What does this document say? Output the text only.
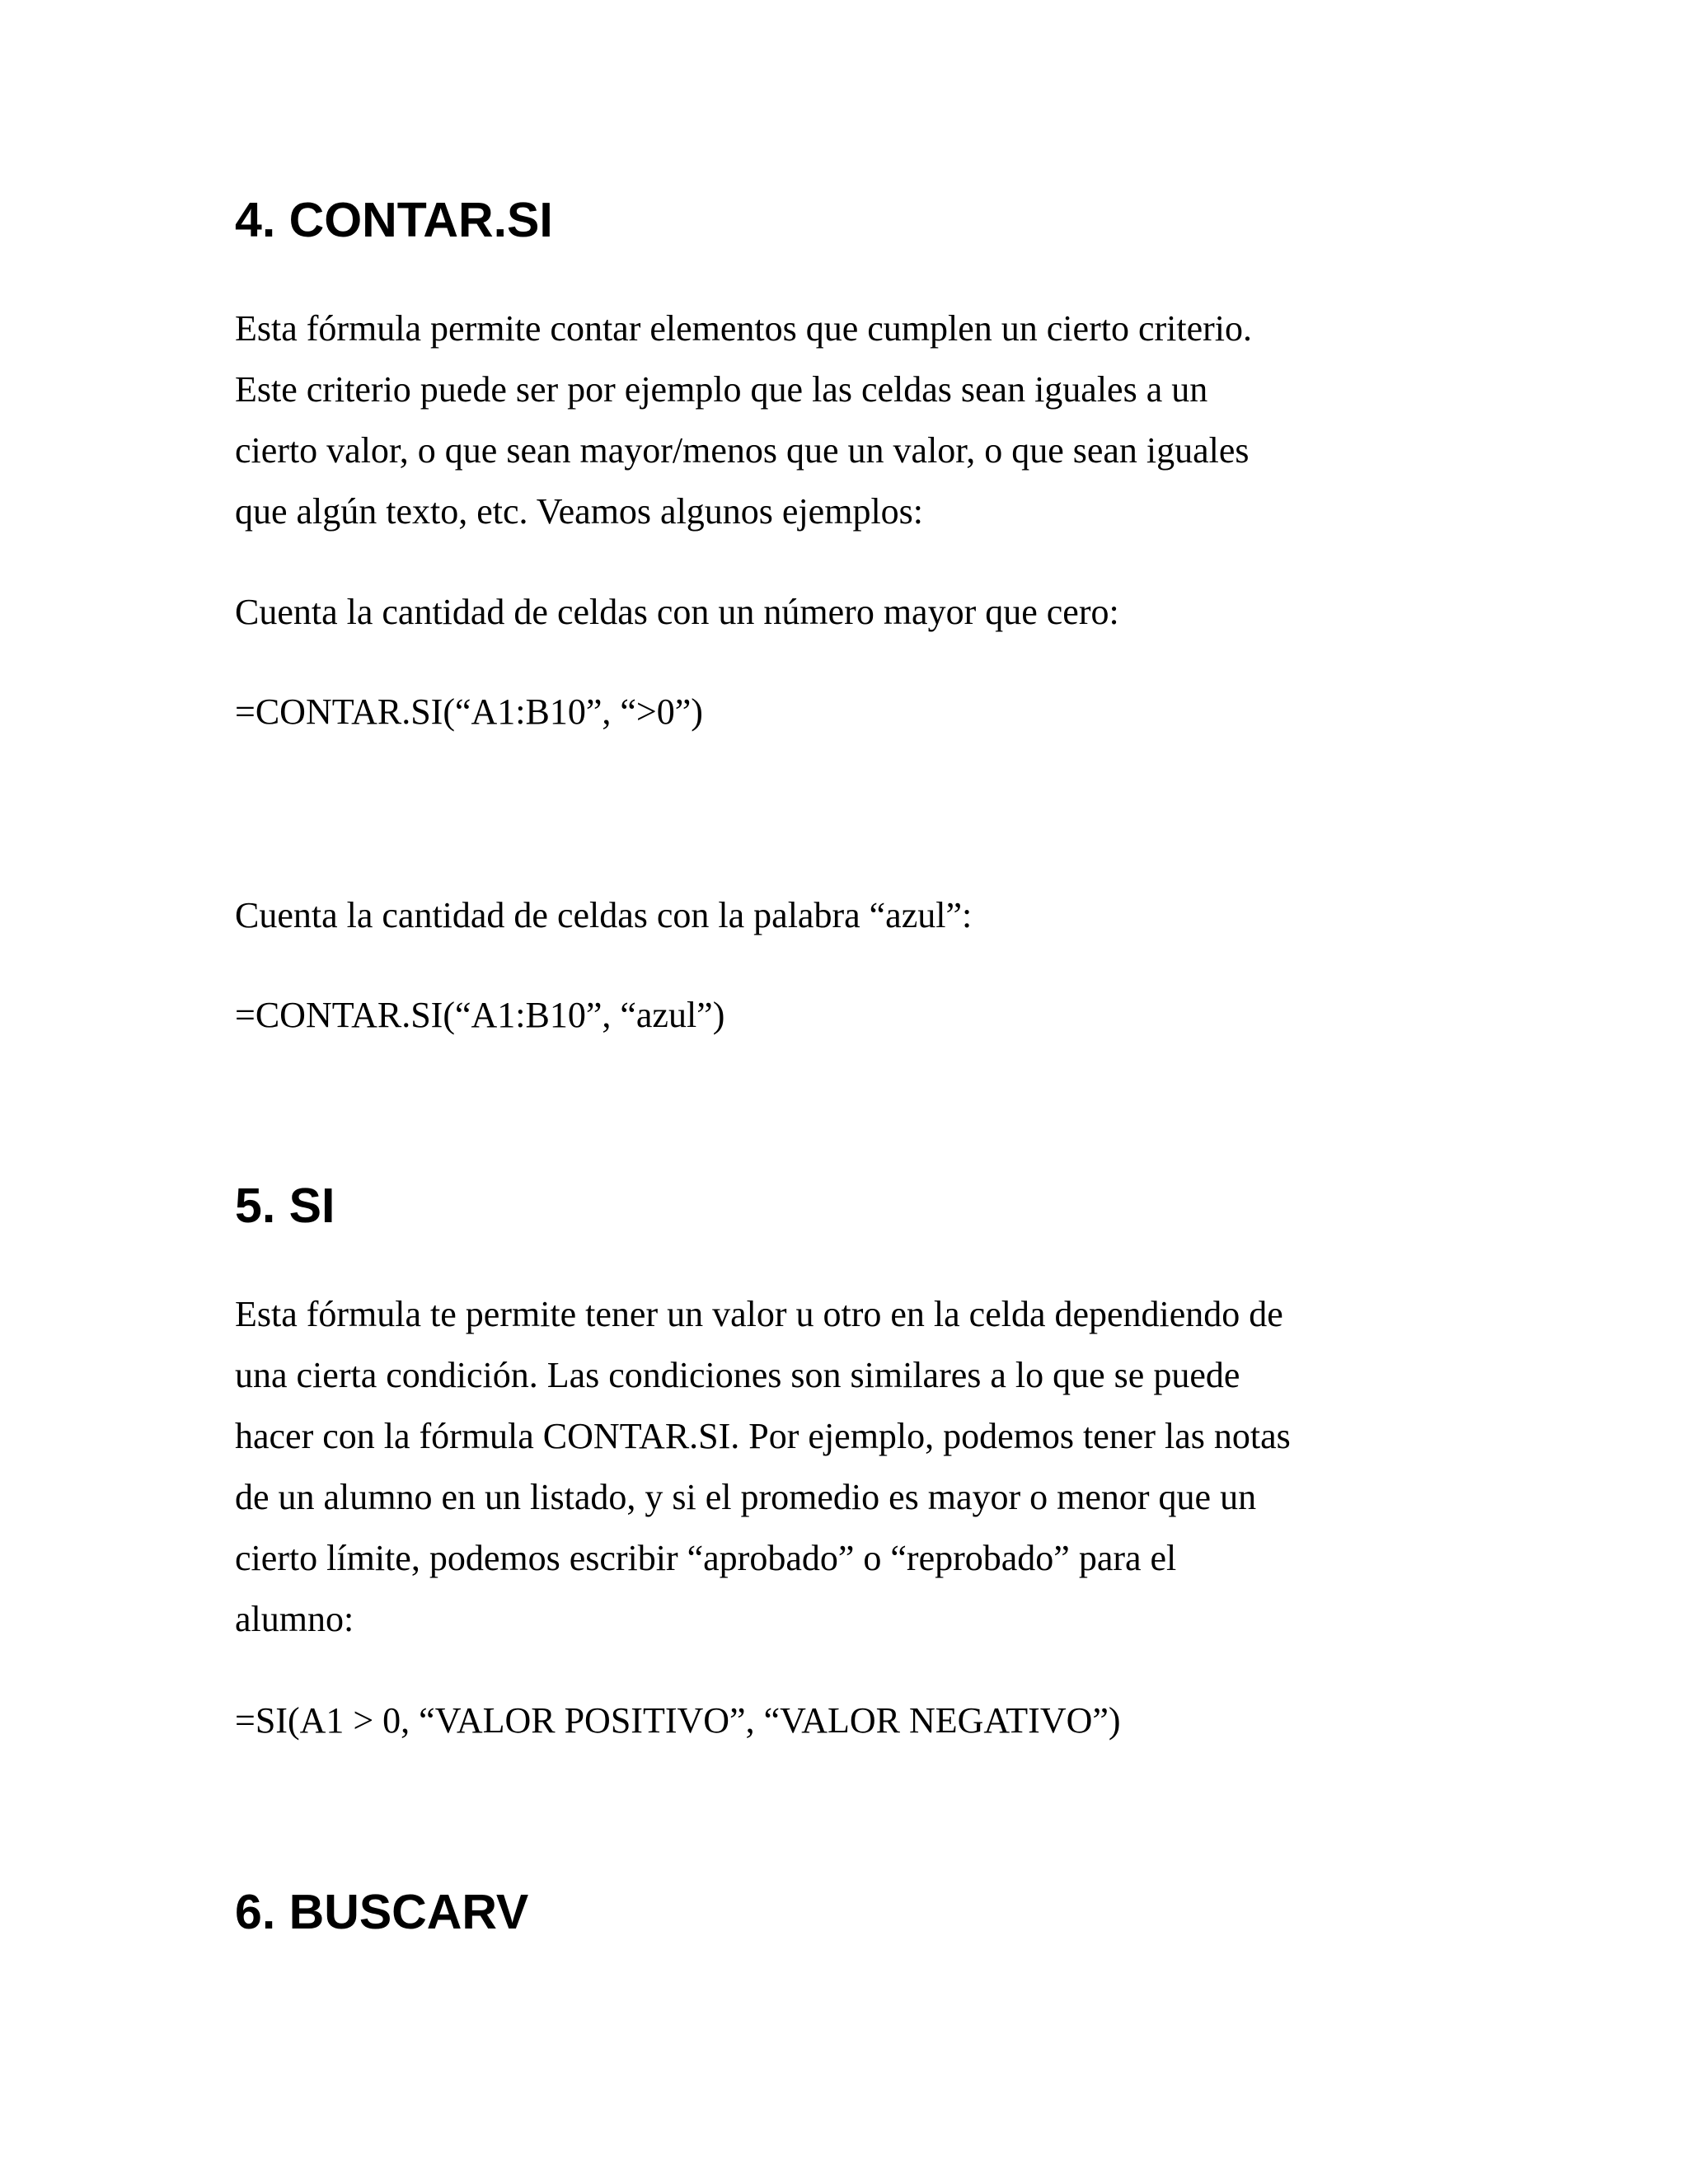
4. CONTAR.SI

Esta fórmula permite contar elementos que cumplen un cierto criterio.
Este criterio puede ser por ejemplo que las celdas sean iguales a un
cierto valor, o que sean mayor/menos que un valor, o que sean iguales
que algún texto, etc. Veamos algunos ejemplos:

Cuenta la cantidad de celdas con un número mayor que cero:

=CONTAR.SI(“A1:B10”, “>0”)

Cuenta la cantidad de celdas con la palabra “azul”:

=CONTAR.SI(“A1:B10”, “azul”)

5. SI

Esta fórmula te permite tener un valor u otro en la celda dependiendo de
una cierta condición. Las condiciones son similares a lo que se puede
hacer con la fórmula CONTAR.SI. Por ejemplo, podemos tener las notas
de un alumno en un listado, y si el promedio es mayor o menor que un
cierto límite, podemos escribir “aprobado” o “reprobado” para el
alumno:

=SI(A1 > 0, “VALOR POSITIVO”, “VALOR NEGATIVO”)

6. BUSCARV
